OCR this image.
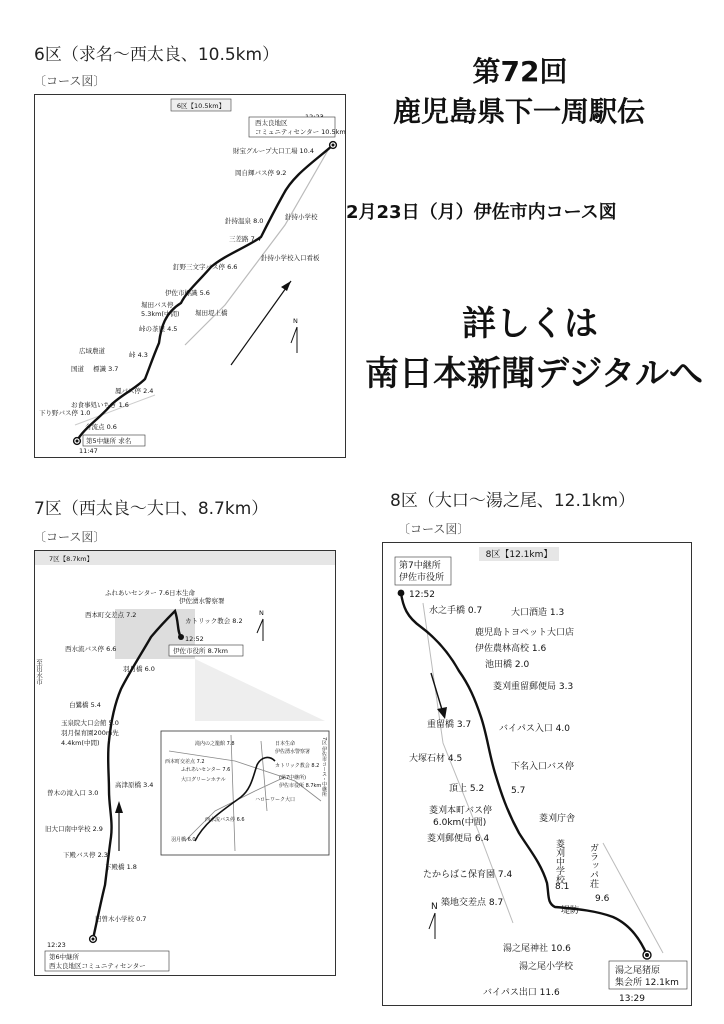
第72回
鹿児島県下一周駅伝
2月23日（月）伊佐市内コース図
詳しくは
南日本新聞デジタルへ
6区（求名～西太良、10.5km）
〔コース図〕
6区【10.5km】
N
11:47
西太良地区
コミュニティセンター 10.5km
第5中継所 求名
財宝グループ大口工場 10.4
岡自輝バス停 9.2
針持小学校
針持温泉 8.0
三差路 7.4
釘野三文字バス停 6.6
針持小学校入口看板
伊佐市標識 5.6
堀田バス停
5.3km(中間) 堀田堤上橋
峠の茶屋 4.5
広域農道	峠 4.3
国道 標識 3.7
鳳バス停 2.4
お食事処いちき 1.6
下り野バス停 1.0
合流点 0.6
7区（西太良～大口、8.7km）
〔コース図〕
7区【8.7km】
N
至出水市
12:52
12:23
伊佐市役所 8.7km
第6中継所
西太良地区コミュニティセンター
ふれあいセンター 7.6 日本生命
伊佐湧水警察署
西本町交差点 7.2
カトリック教会 8.2
西水流バス停 6.6
羽月橋 6.0
白鷺橋 5.4
玉泉院大口会館 5.0
羽月保育園200m先
4.4km(中間)
曽木の滝入口 3.0
高津原橋 3.4
旧大口南中学校 2.9
下殿バス停 2.3
下殿橋 1.8
旧曽木小学校 0.7
滝内の之籠館 7.8	日本生命
伊佐湧水警察署
西本町交差点 7.2
ふれあいセンター 7.6
カトリック教会 8.2
大口グリーンホテル	(第7中継所)
伊佐市役所 8.7km
ハローワーク大口
西水流バス停 6.6
羽月橋 6.0
7区 伊佐市コース・中継所
8区（大口～湯之尾、12.1km）
〔コース図〕
8区【12.1km】
第7中継所
伊佐市役所
12:52
N
湯之尾猪原
集会所 12.1km
13:29
水之手橋 0.7	大口酒造 1.3
鹿児島トヨペット大口店
伊佐農林高校 1.6
池田橋 2.0
菱刈重留郵便局 3.3
重留橋 3.7	バイパス入口 4.0
大塚石材 4.5
下名入口バス停
5.7
頂上 5.2
菱刈本町バス停
6.0km(中間)	菱刈庁舎
菱刈郵便局 6.4	菱刈中学校
たからばこ保育園 7.4
8.1 ガラッパ荘
9.6
築地交差点 8.7
堤防
湯之尾神社 10.6
湯之尾小学校
バイパス出口 11.6
